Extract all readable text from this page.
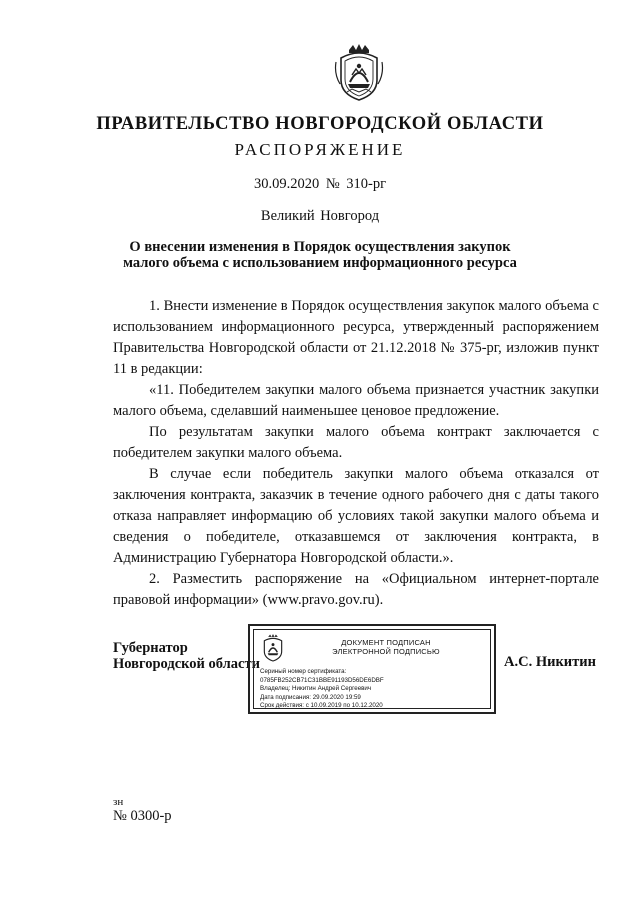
ПРАВИТЕЛЬСТВО НОВГОРОДСКОЙ ОБЛАСТИ
РАСПОРЯЖЕНИЕ
30.09.2020 № 310-рг
Великий Новгород
О внесении изменения в Порядок осуществления закупок малого объема с использованием информационного ресурса

1. Внести изменение в Порядок осуществления закупок малого объема с использованием информационного ресурса, утвержденный распоряжением Правительства Новгородской области от 21.12.2018 № 375-рг, изложив пункт 11 в редакции:

«11. Победителем закупки малого объема признается участник закупки малого объема, сделавший наименьшее ценовое предложение.

По результатам закупки малого объема контракт заключается с победителем закупки малого объема.

В случае если победитель закупки малого объема отказался от заключения контракта, заказчик в течение одного рабочего дня с даты такого отказа направляет информацию об условиях такой закупки малого объема и сведения о победителе, отказавшемся от заключения контракта, в Администрацию Губернатора Новгородской области.».

2. Разместить распоряжение на «Официальном интернет-портале правовой информации» (www.pravo.gov.ru).

Губернатор
Новгородской области
ДОКУМЕНТ ПОДПИСАН
ЭЛЕКТРОННОЙ ПОДПИСЬЮ
Сериный номер сертификата:
0785FB252CB71C31BBE91193D56DE6DBF
Владелец: Никитин Андрей Сергеевич
Дата подписания: 29.09.2020 19:59
Срок действия: с 10.09.2019 по 10.12.2020
А.С. Никитин
зн
№ 0300-р
